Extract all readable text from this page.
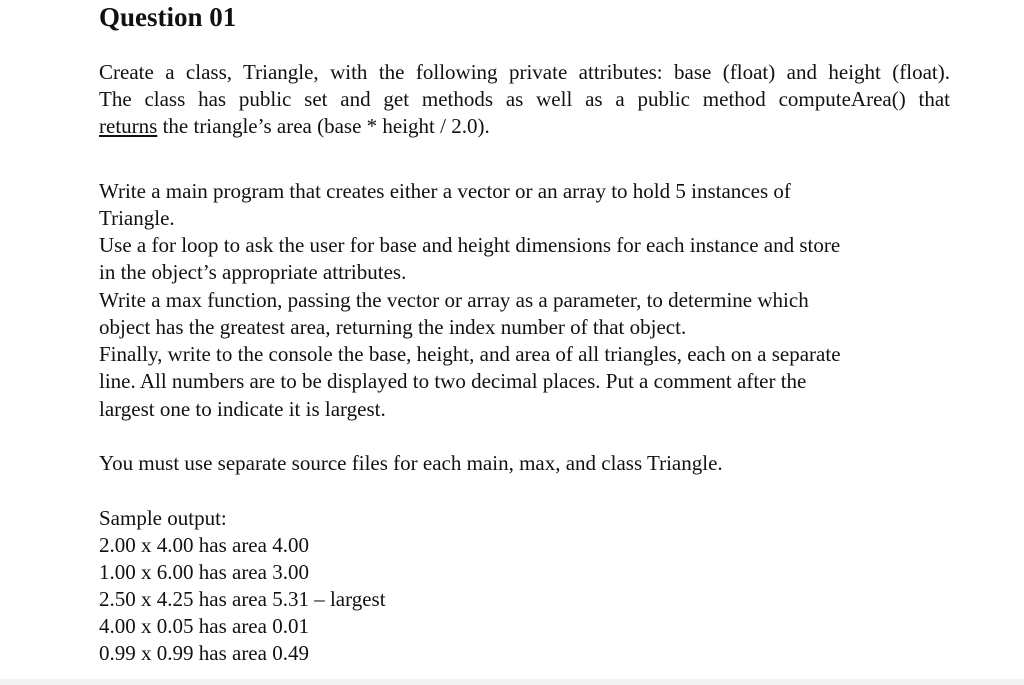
Question 01

Create a class, Triangle, with the following private attributes: base (float) and height (float).

The class has public set and get methods as well as a public method computeArea() that

returns the triangle’s area (base * height / 2.0).

Write a main program that creates either a vector or an array to hold 5 instances of

Triangle.

Use a for loop to ask the user for base and height dimensions for each instance and store

in the object’s appropriate attributes.

Write a max function, passing the vector or array as a parameter, to determine which

object has the greatest area, returning the index number of that object.

Finally, write to the console the base, height, and area of all triangles, each on a separate

line. All numbers are to be displayed to two decimal places. Put a comment after the

largest one to indicate it is largest.

You must use separate source files for each main, max, and class Triangle.

Sample output:

2.00 x 4.00 has area 4.00

1.00 x 6.00 has area 3.00

2.50 x 4.25 has area 5.31 – largest

4.00 x 0.05 has area 0.01

0.99 x 0.99 has area 0.49
